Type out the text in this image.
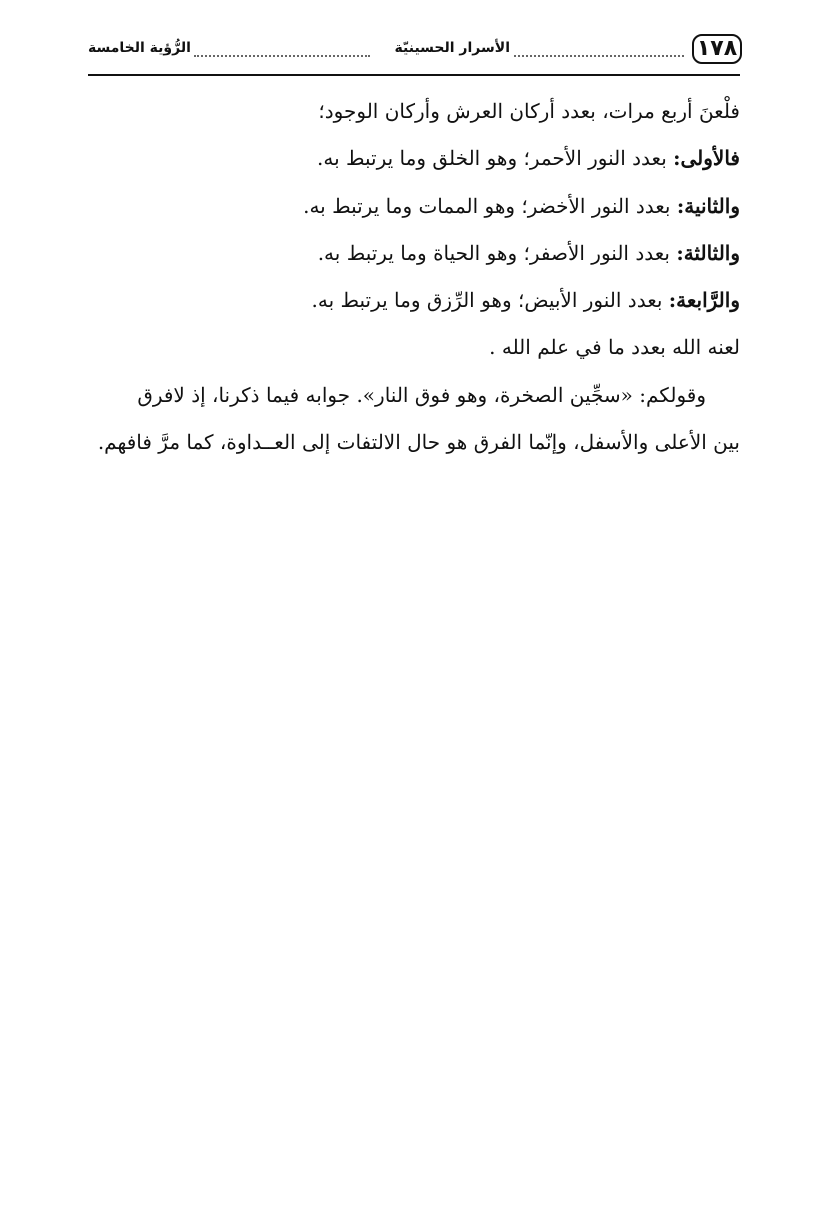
١٧٨
الأسرار الحسينيّة
الرُّؤية الخامسة
فلْعنَ أربع مرات، بعدد أركان العرش وأركان الوجود؛
فالأولى: بعدد النور الأحمر؛ وهو الخلق وما يرتبط به.
والثانية: بعدد النور الأخضر؛ وهو الممات وما يرتبط به.
والثالثة: بعدد النور الأصفر؛ وهو الحياة وما يرتبط به.
والرَّابعة: بعدد النور الأبيض؛ وهو الرِّزق وما يرتبط به.
لعنه الله بعدد ما في علم الله .
وقولكم: «سجِّين الصخرة، وهو فوق النار». جوابه فيما ذكرنا، إذ لافرق
بين الأعلى والأسفل، وإنّما الفرق هو حال الالتفات إلى العــداوة، كما مرَّ فافهم.
